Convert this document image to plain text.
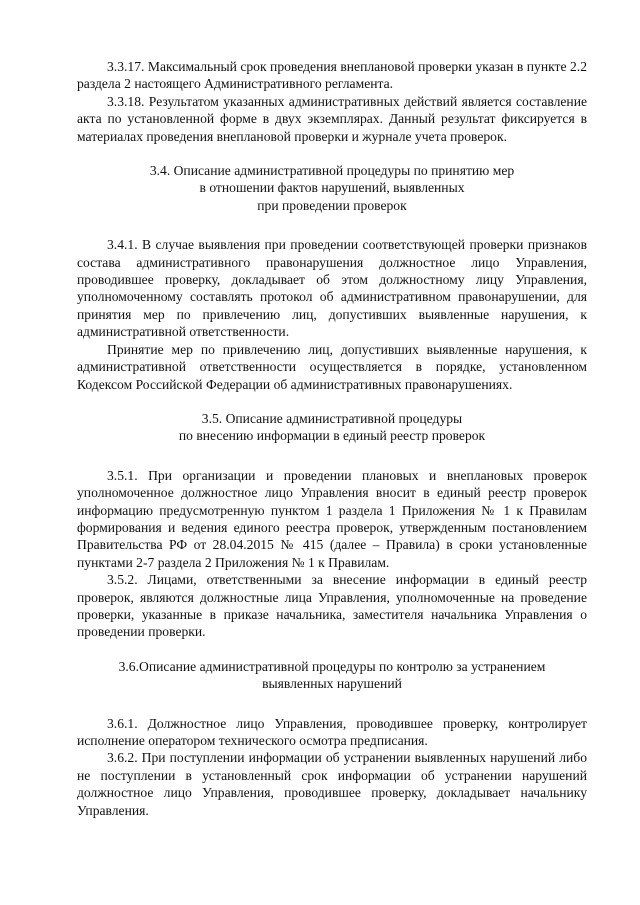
3.3.17. Максимальный срок проведения внеплановой проверки указан в пункте 2.2 раздела 2 настоящего Административного регламента.

3.3.18. Результатом указанных административных действий является составление акта по установленной форме в двух экземплярах. Данный результат фиксируется в материалах проведения внеплановой проверки и журнале учета проверок.

3.4. Описание административной процедуры по принятию мер
в отношении фактов нарушений, выявленных
при проведении проверок

3.4.1. В случае выявления при проведении соответствующей проверки признаков состава административного правонарушения должностное лицо Управления, проводившее проверку, докладывает об этом должностному лицу Управления, уполномоченному составлять протокол об административном правонарушении, для принятия мер по привлечению лиц, допустивших выявленные нарушения, к административной ответственности.

Принятие мер по привлечению лиц, допустивших выявленные нарушения, к административной ответственности осуществляется в порядке, установленном Кодексом Российской Федерации об административных правонарушениях.

3.5. Описание административной процедуры
по внесению информации в единый реестр проверок

3.5.1. При организации и проведении плановых и внеплановых проверок уполномоченное должностное лицо Управления вносит в единый реестр проверок информацию предусмотренную пунктом 1 раздела 1 Приложения № 1 к Правилам формирования и ведения единого реестра проверок, утвержденным постановлением Правительства РФ от 28.04.2015 № 415 (далее – Правила) в сроки установленные пунктами 2-7 раздела 2 Приложения № 1 к Правилам.

3.5.2. Лицами, ответственными за внесение информации в единый реестр проверок, являются должностные лица Управления, уполномоченные на проведение проверки, указанные в приказе начальника, заместителя начальника Управления о проведении проверки.

3.6.Описание административной процедуры по контролю за устранением
выявленных нарушений

3.6.1. Должностное лицо Управления, проводившее проверку, контролирует исполнение оператором технического осмотра предписания.

3.6.2. При поступлении информации об устранении выявленных нарушений либо не поступлении в установленный срок информации об устранении нарушений должностное лицо Управления, проводившее проверку, докладывает начальнику Управления.
